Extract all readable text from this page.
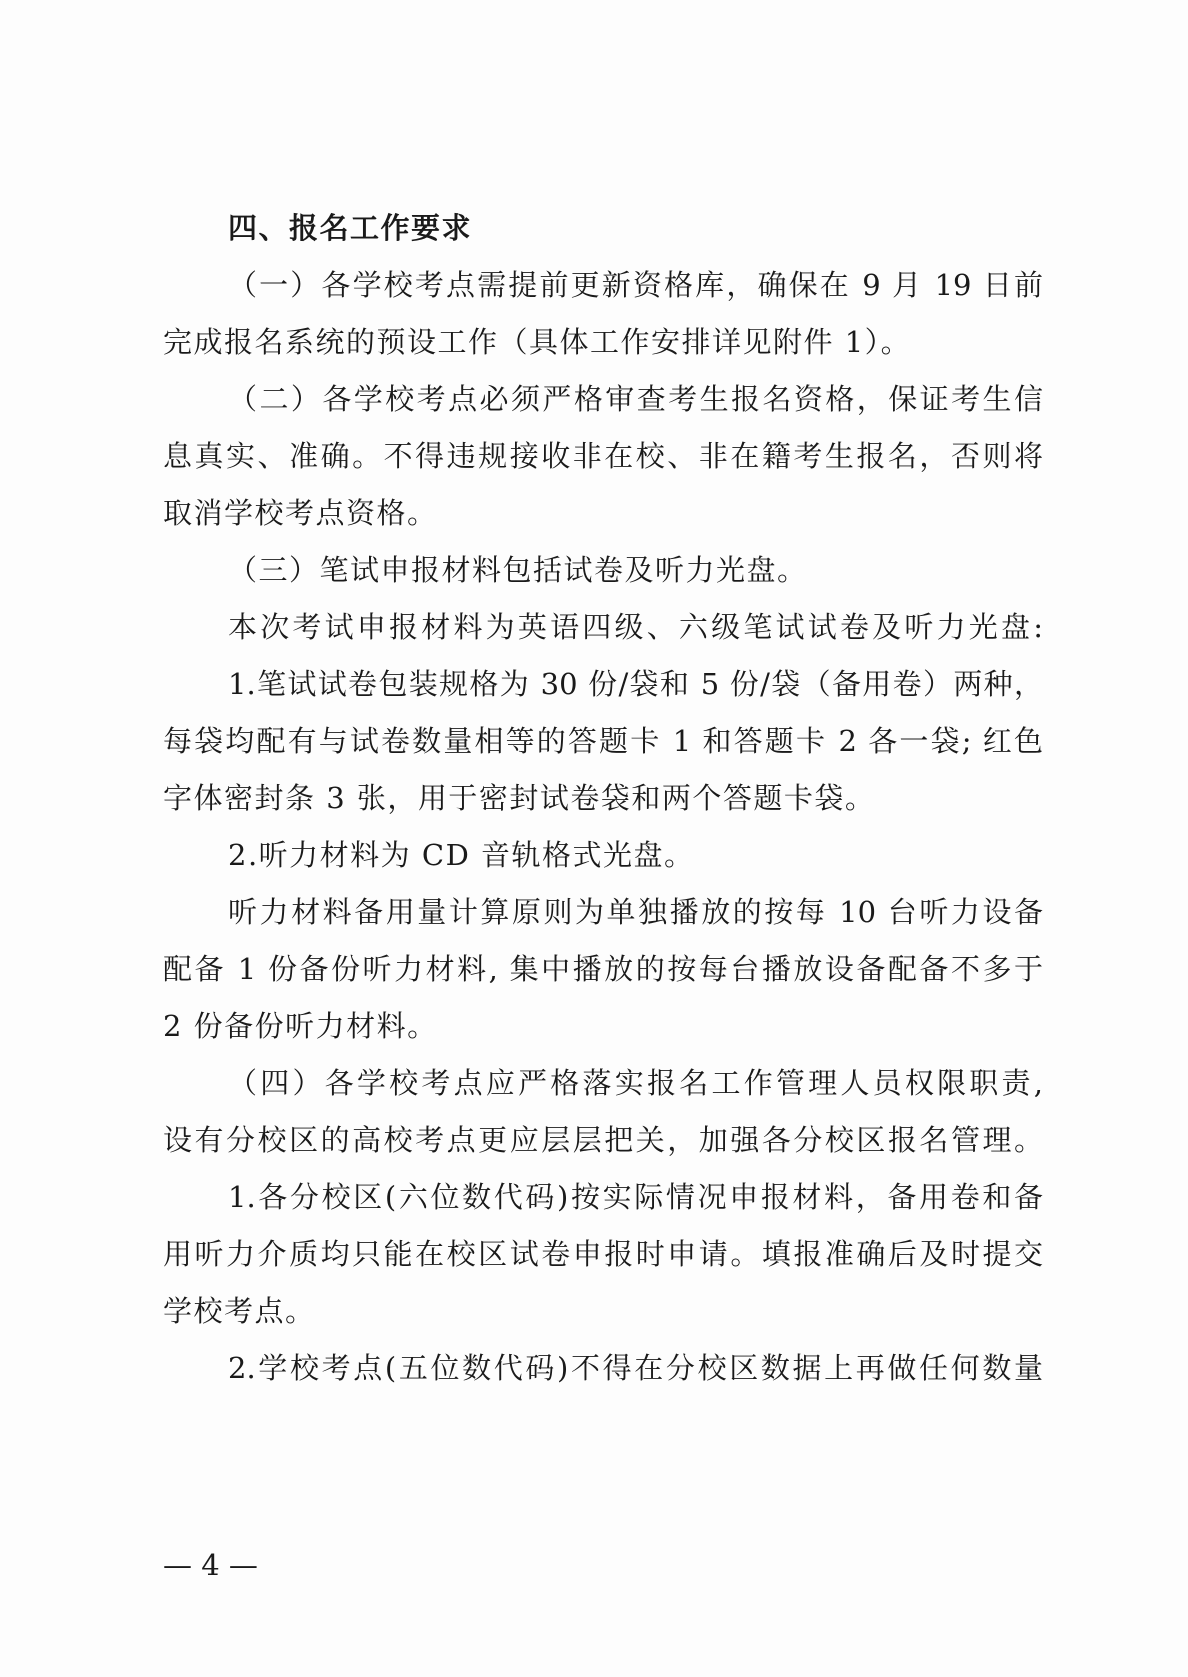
四、报名工作要求
（一）各学校考点需提前更新资格库，确保在 9 月 19 日前
完成报名系统的预设工作（具体工作安排详见附件 1）。
（二）各学校考点必须严格审查考生报名资格，保证考生信
息真实、准确。不得违规接收非在校、非在籍考生报名，否则将
取消学校考点资格。
（三）笔试申报材料包括试卷及听力光盘。
本次考试申报材料为英语四级、六级笔试试卷及听力光盘:
1.笔试试卷包装规格为 30 份/袋和 5 份/袋（备用卷）两种，
每袋均配有与试卷数量相等的答题卡 1 和答题卡 2 各一袋; 红色
字体密封条 3 张，用于密封试卷袋和两个答题卡袋。
2.听力材料为 CD 音轨格式光盘。
听力材料备用量计算原则为单独播放的按每 10 台听力设备
配备 1 份备份听力材料, 集中播放的按每台播放设备配备不多于
2 份备份听力材料。
（四）各学校考点应严格落实报名工作管理人员权限职责,
设有分校区的高校考点更应层层把关，加强各分校区报名管理。
1.各分校区(六位数代码)按实际情况申报材料，备用卷和备
用听力介质均只能在校区试卷申报时申请。填报准确后及时提交
学校考点。
2.学校考点(五位数代码)不得在分校区数据上再做任何数量
— 4 —
